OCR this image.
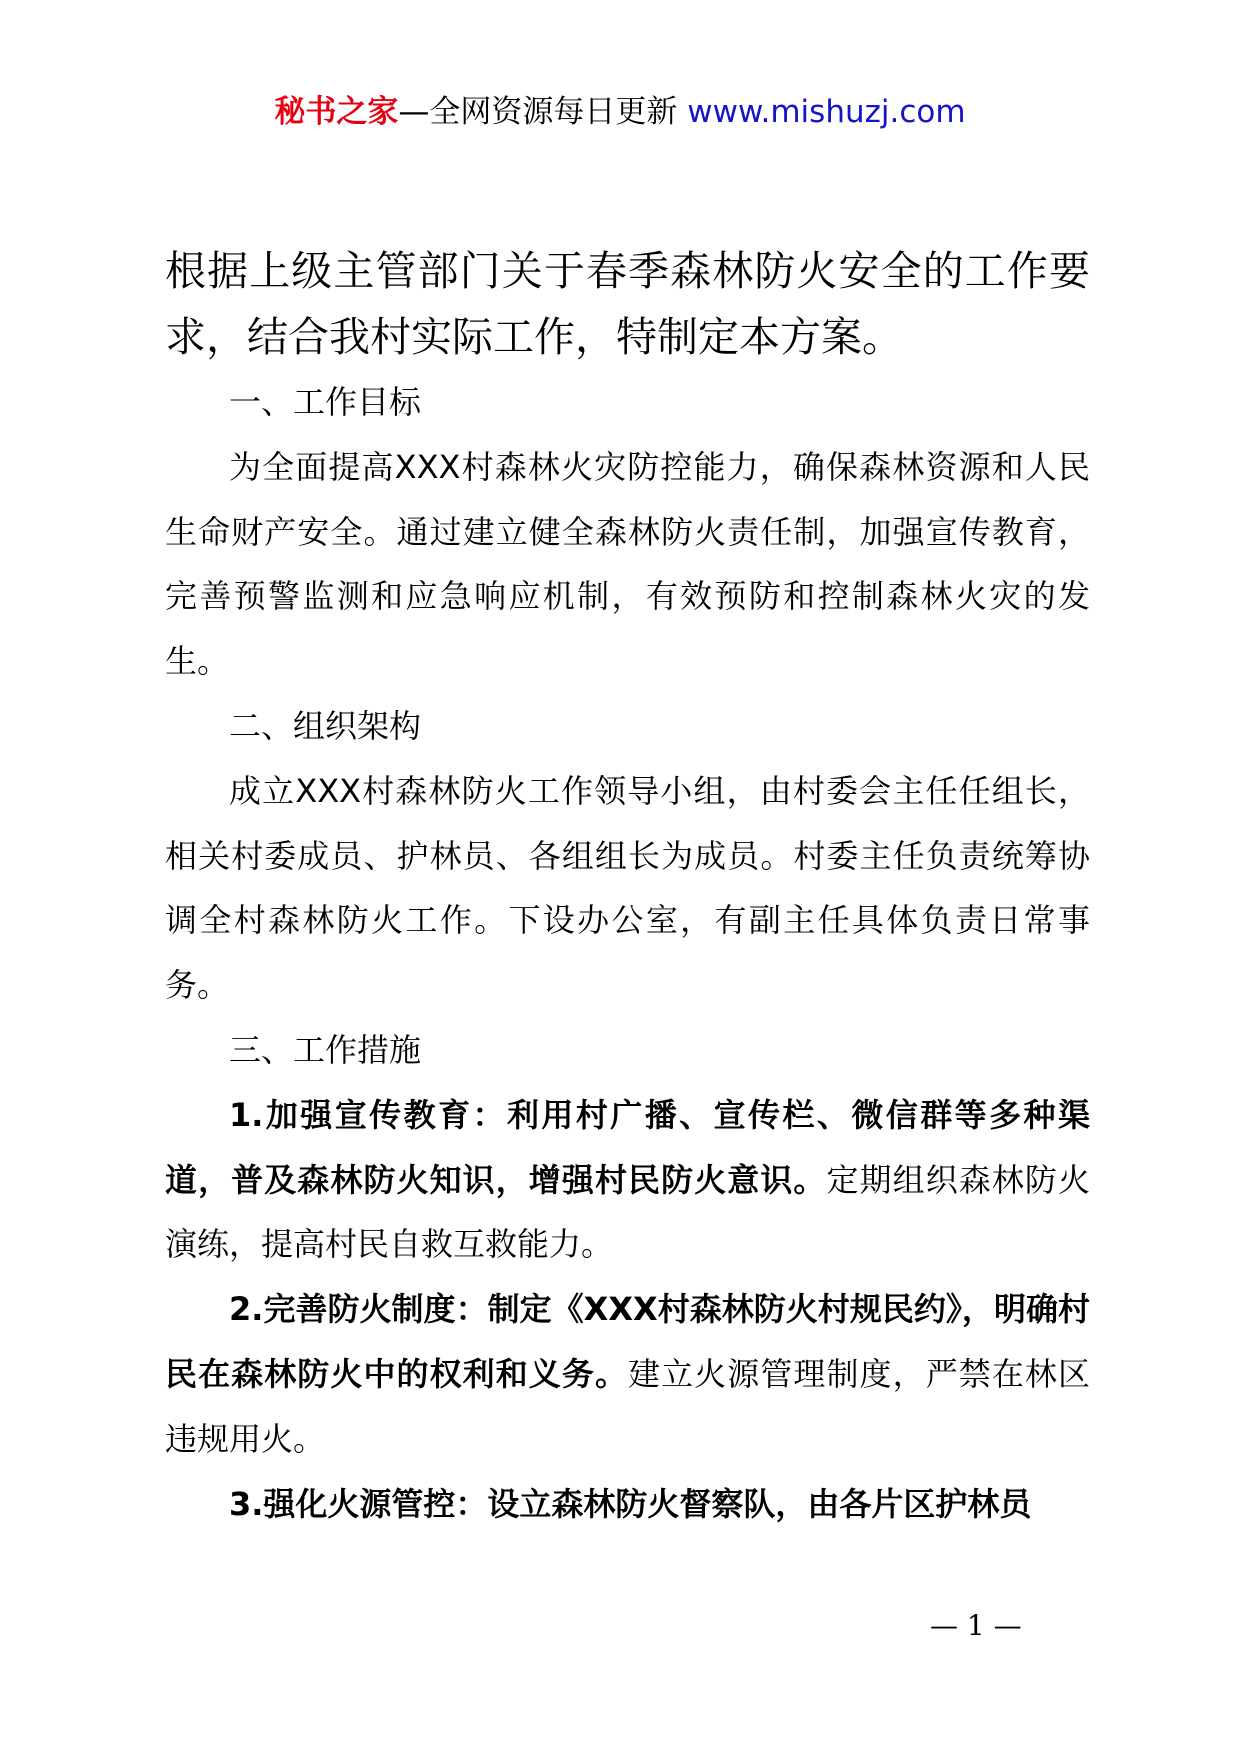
秘书之家—全网资源每日更新 www.mishuzj.com

根据上级主管部门关于春季森林防火安全的工作要求，结合我村实际工作，特制定本方案。

一、工作目标

为全面提高XXX村森林火灾防控能力，确保森林资源和人民生命财产安全。通过建立健全森林防火责任制，加强宣传教育，完善预警监测和应急响应机制，有效预防和控制森林火灾的发生。

二、组织架构

成立XXX村森林防火工作领导小组，由村委会主任任组长，相关村委成员、护林员、各组组长为成员。村委主任负责统筹协调全村森林防火工作。下设办公室，有副主任具体负责日常事务。

三、工作措施

1.加强宣传教育：利用村广播、宣传栏、微信群等多种渠道，普及森林防火知识，增强村民防火意识。定期组织森林防火演练，提高村民自救互救能力。

2.完善防火制度：制定《XXX村森林防火村规民约》，明确村民在森林防火中的权利和义务。建立火源管理制度，严禁在林区违规用火。

3.强化火源管控：设立森林防火督察队，由各片区护林员

— 1 —
